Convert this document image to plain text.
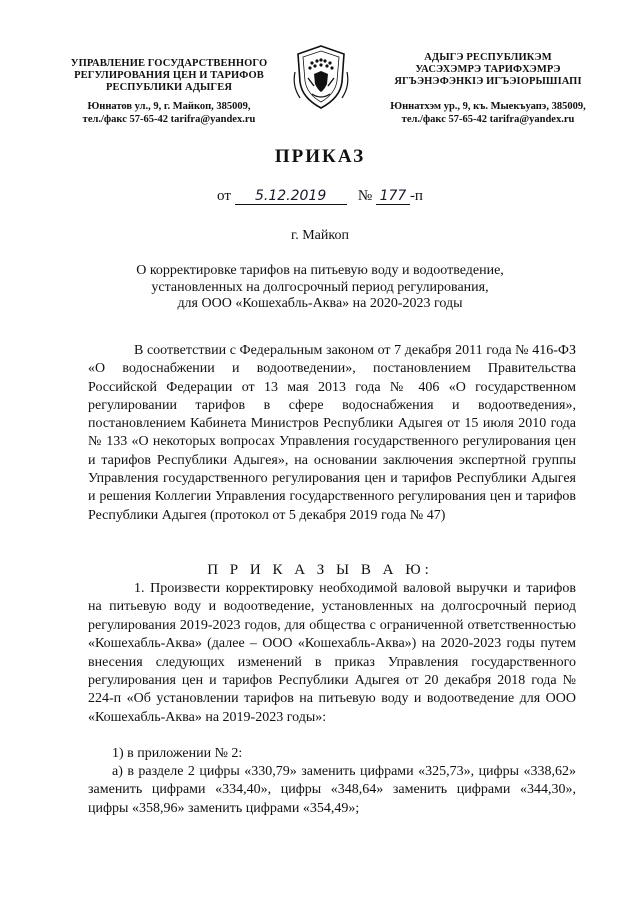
УПРАВЛЕНИЕ ГОСУДАРСТВЕННОГО
РЕГУЛИРОВАНИЯ ЦЕН И ТАРИФОВ
РЕСПУБЛИКИ АДЫГЕЯ
Юннатов ул., 9, г. Майкоп, 385009,
тел./факс 57-65-42 tarifra@yandex.ru
АДЫГЭ РЕСПУБЛИКЭМ
УАСЭХЭМРЭ ТАРИФХЭМРЭ
ЯГЪЭНЭФЭНКІЭ ИГЪЭІОРЫШІАПІ
Юннатхэм ур., 9, къ. Мыекъуапэ, 385009,
тел./факс 57-65-42 tarifra@yandex.ru
ПРИКАЗ
от 5.12.2019 № 177 -п
г. Майкоп
О корректировке тарифов на питьевую воду и водоотведение,
установленных на долгосрочный период регулирования,
для ООО «Кошехабль-Аква» на 2020-2023 годы

В соответствии с Федеральным законом от 7 декабря 2011 года № 416-ФЗ «О водоснабжении и водоотведении», постановлением Правительства Российской Федерации от 13 мая 2013 года № 406 «О государственном регулировании тарифов в сфере водоснабжения и водоотведения», постановлением Кабинета Министров Республики Адыгея от 15 июля 2010 года № 133 «О некоторых вопросах Управления государственного регулирования цен и тарифов Республики Адыгея», на основании заключения экспертной группы Управления государственного регулирования цен и тарифов Республики Адыгея и решения Коллегии Управления государственного регулирования цен и тарифов Республики Адыгея (протокол от 5 декабря 2019 года № 47)

П Р И К А З Ы В А Ю:

1. Произвести корректировку необходимой валовой выручки и тарифов на питьевую воду и водоотведение, установленных на долгосрочный период регулирования 2019-2023 годов, для общества с ограниченной ответственностью «Кошехабль-Аква» (далее – ООО «Кошехабль-Аква») на 2020-2023 годы путем внесения следующих изменений в приказ Управления государственного регулирования цен и тарифов Республики Адыгея от 20 декабря 2018 года № 224-п «Об установлении тарифов на питьевую воду и водоотведение для ООО «Кошехабль-Аква» на 2019-2023 годы»:

1) в приложении № 2:

а) в разделе 2 цифры «330,79» заменить цифрами «325,73», цифры «338,62» заменить цифрами «334,40», цифры «348,64» заменить цифрами «344,30», цифры «358,96» заменить цифрами «354,49»;
